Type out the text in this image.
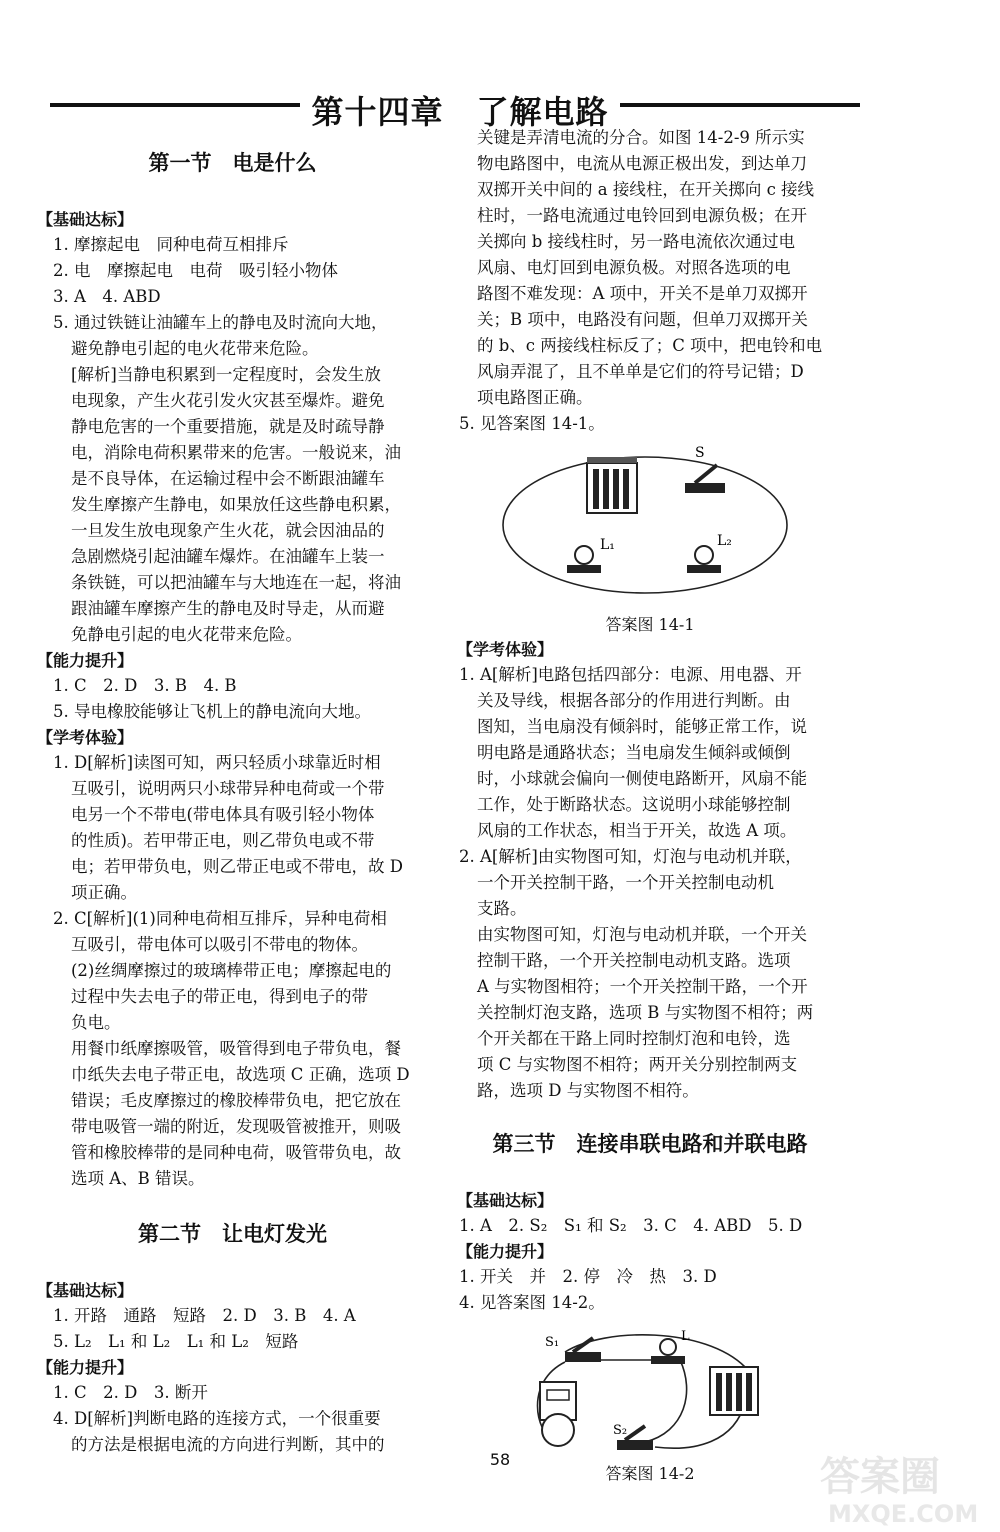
第十四章　了解电路
第一节　电是什么
【基础达标】
1. 摩擦起电　同种电荷互相排斥
2. 电　摩擦起电　电荷　吸引轻小物体
3. A　4. ABD
5. 通过铁链让油罐车上的静电及时流向大地，
避免静电引起的电火花带来危险。
[解析]当静电积累到一定程度时，会发生放
电现象，产生火花引发火灾甚至爆炸。避免
静电危害的一个重要措施，就是及时疏导静
电，消除电荷积累带来的危害。一般说来，油
是不良导体，在运输过程中会不断跟油罐车
发生摩擦产生静电，如果放任这些静电积累，
一旦发生放电现象产生火花，就会因油品的
急剧燃烧引起油罐车爆炸。在油罐车上装一
条铁链，可以把油罐车与大地连在一起，将油
跟油罐车摩擦产生的静电及时导走，从而避
免静电引起的电火花带来危险。
【能力提升】
1. C　2. D　3. B　4. B
5. 导电橡胶能够让飞机上的静电流向大地。
【学考体验】
1. D[解析]读图可知，两只轻质小球靠近时相
互吸引，说明两只小球带异种电荷或一个带
电另一个不带电(带电体具有吸引轻小物体
的性质)。若甲带正电，则乙带负电或不带
电；若甲带负电，则乙带正电或不带电，故 D
项正确。
2. C[解析](1)同种电荷相互排斥，异种电荷相
互吸引，带电体可以吸引不带电的物体。
(2)丝绸摩擦过的玻璃棒带正电；摩擦起电的
过程中失去电子的带正电，得到电子的带
负电。
用餐巾纸摩擦吸管，吸管得到电子带负电，餐
巾纸失去电子带正电，故选项 C 正确，选项 D
错误；毛皮摩擦过的橡胶棒带负电，把它放在
带电吸管一端的附近，发现吸管被推开，则吸
管和橡胶棒带的是同种电荷，吸管带负电，故
选项 A、B 错误。
第二节　让电灯发光
【基础达标】
1. 开路　通路　短路　2. D　3. B　4. A
5. L₂　L₁ 和 L₂　L₁ 和 L₂　短路
【能力提升】
1. C　2. D　3. 断开
4. D[解析]判断电路的连接方式，一个很重要
的方法是根据电流的方向进行判断，其中的
关键是弄清电流的分合。如图 14-2-9 所示实
物电路图中，电流从电源正极出发，到达单刀
双掷开关中间的 a 接线柱，在开关掷向 c 接线
柱时，一路电流通过电铃回到电源负极；在开
关掷向 b 接线柱时，另一路电流依次通过电
风扇、电灯回到电源负极。对照各选项的电
路图不难发现：A 项中，开关不是单刀双掷开
关；B 项中，电路没有问题，但单刀双掷开关
的 b、c 两接线柱标反了；C 项中，把电铃和电
风扇弄混了，且不单单是它们的符号记错；D
项电路图正确。
5. 见答案图 14-1。
S
L₁	L₂
答案图 14-1
【学考体验】
1. A[解析]电路包括四部分：电源、用电器、开
关及导线，根据各部分的作用进行判断。由
图知，当电扇没有倾斜时，能够正常工作，说
明电路是通路状态；当电扇发生倾斜或倾倒
时，小球就会偏向一侧使电路断开，风扇不能
工作，处于断路状态。这说明小球能够控制
风扇的工作状态，相当于开关，故选 A 项。
2. A[解析]由实物图可知，灯泡与电动机并联，
一个开关控制干路，一个开关控制电动机
支路。
由实物图可知，灯泡与电动机并联，一个开关
控制干路，一个开关控制电动机支路。选项
A 与实物图相符；一个开关控制干路，一个开
关控制灯泡支路，选项 B 与实物图不相符；两
个开关都在干路上同时控制灯泡和电铃，选
项 C 与实物图不相符；两开关分别控制两支
路，选项 D 与实物图不相符。
第三节　连接串联电路和并联电路
【基础达标】
1. A　2. S₂　S₁ 和 S₂　3. C　4. ABD　5. D
【能力提升】
1. 开关　并　2. 停　冷　热　3. D
4. 见答案图 14-2。
S₁	L
S₂
答案图 14-2
58	答案圈
MXQE.COM
